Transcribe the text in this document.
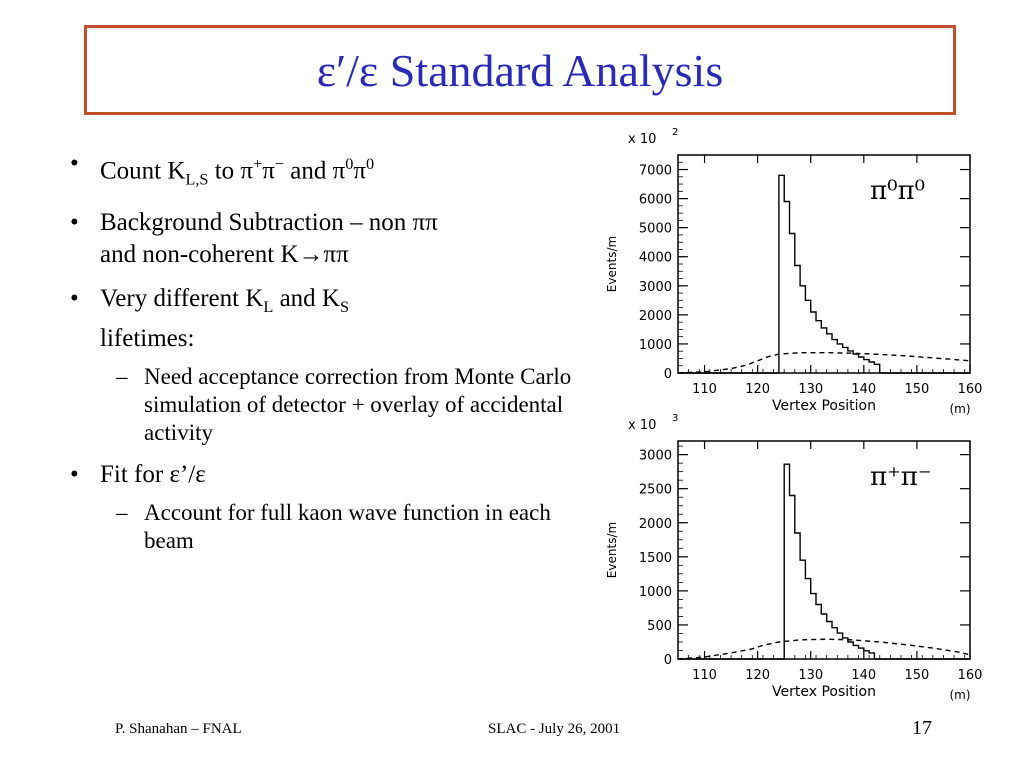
ε′/ε Standard Analysis
• Count $K_{L,S}$ to π+π− and $\pi^0\pi^0$
• Background Subtraction – non ππ
and non-coherent K→ππ
• Very different $K_L$ and $K_S$
lifetimes:
– Need acceptance correction from Monte Carlo simulation of detector + overlay of accidental activity
• Fit for ε’/ε
– Account for full kaon wave function in each beam
110 120 130 140 150 160
0
1000
2000
3000
4000
5000
6000
7000
x 10 2
π⁰π⁰
Vertex Position	(m)
Events/m
110 120 130 140 150 160
0
500
1000
1500
2000
2500
3000
x 10 3
π⁺π⁻
Vertex Position	(m)
Events/m
P. Shanahan – FNAL	SLAC - July 26, 2001	17
